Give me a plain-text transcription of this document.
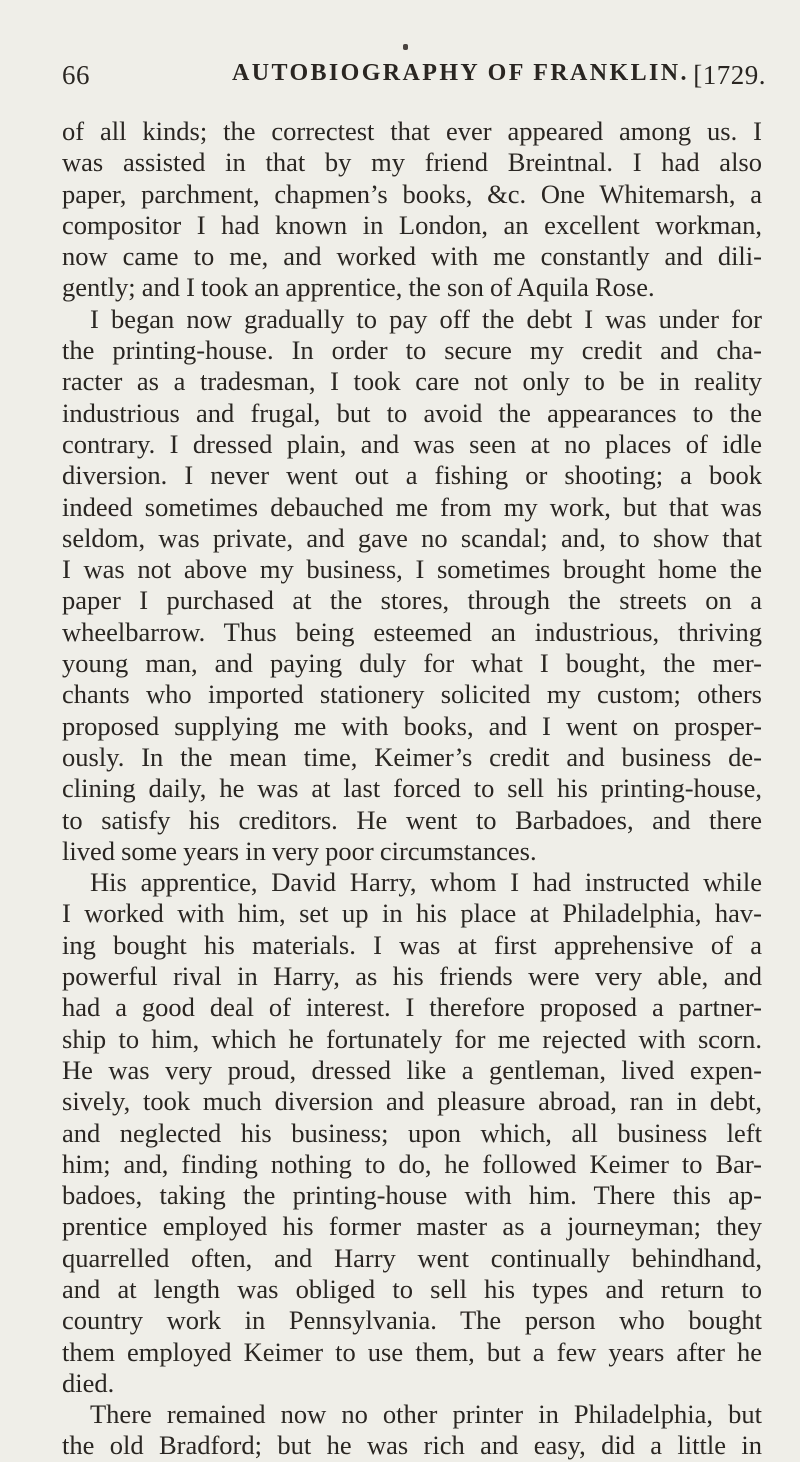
66	AUTOBIOGRAPHY OF FRANKLIN. [1729.
of all kinds; the correctest that ever appeared among us. I
was assisted in that by my friend Breintnal. I had also
paper, parchment, chapmen’s books, &c. One Whitemarsh, a
compositor I had known in London, an excellent workman,
now came to me, and worked with me constantly and dili-
gently; and I took an apprentice, the son of Aquila Rose.
I began now gradually to pay off the debt I was under for
the printing-house. In order to secure my credit and cha-
racter as a tradesman, I took care not only to be in reality
industrious and frugal, but to avoid the appearances to the
contrary. I dressed plain, and was seen at no places of idle
diversion. I never went out a fishing or shooting; a book
indeed sometimes debauched me from my work, but that was
seldom, was private, and gave no scandal; and, to show that
I was not above my business, I sometimes brought home the
paper I purchased at the stores, through the streets on a
wheelbarrow. Thus being esteemed an industrious, thriving
young man, and paying duly for what I bought, the mer-
chants who imported stationery solicited my custom; others
proposed supplying me with books, and I went on prosper-
ously. In the mean time, Keimer’s credit and business de-
clining daily, he was at last forced to sell his printing-house,
to satisfy his creditors. He went to Barbadoes, and there
lived some years in very poor circumstances.
His apprentice, David Harry, whom I had instructed while
I worked with him, set up in his place at Philadelphia, hav-
ing bought his materials. I was at first apprehensive of a
powerful rival in Harry, as his friends were very able, and
had a good deal of interest. I therefore proposed a partner-
ship to him, which he fortunately for me rejected with scorn.
He was very proud, dressed like a gentleman, lived expen-
sively, took much diversion and pleasure abroad, ran in debt,
and neglected his business; upon which, all business left
him; and, finding nothing to do, he followed Keimer to Bar-
badoes, taking the printing-house with him. There this ap-
prentice employed his former master as a journeyman; they
quarrelled often, and Harry went continually behindhand,
and at length was obliged to sell his types and return to
country work in Pennsylvania. The person who bought
them employed Keimer to use them, but a few years after he
died.
There remained now no other printer in Philadelphia, but
the old Bradford; but he was rich and easy, did a little in
